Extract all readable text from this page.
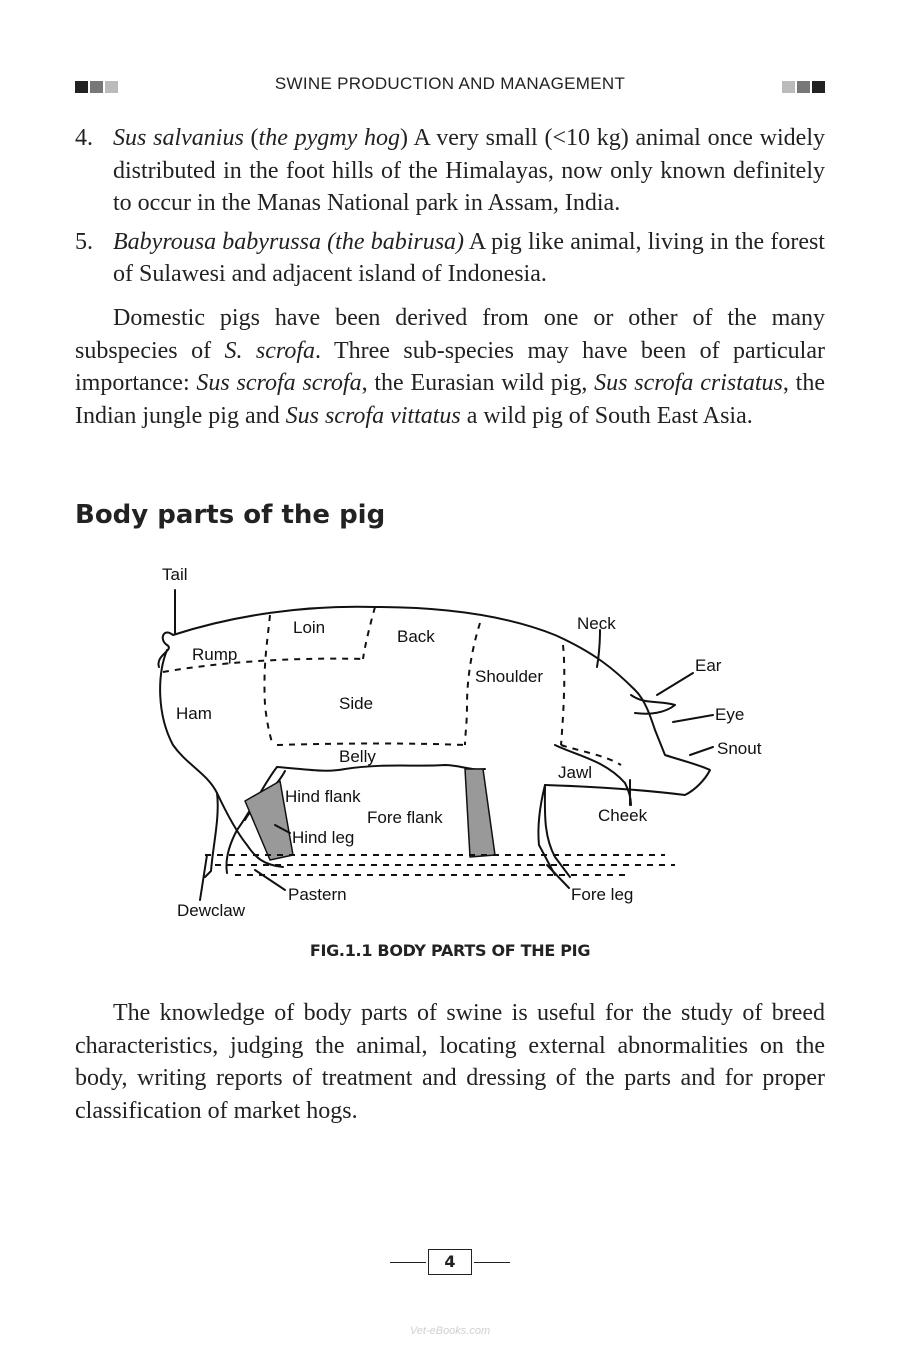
SWINE PRODUCTION AND MANAGEMENT
4. Sus salvanius (the pygmy hog) A very small (<10 kg) animal once widely distributed in the foot hills of the Himalayas, now only known definitely to occur in the Manas National park in Assam, India.
5. Babyrousa babyrussa (the babirusa) A pig like animal, living in the forest of Sulawesi and adjacent island of Indonesia.

Domestic pigs have been derived from one or other of the many subspecies of S. scrofa. Three sub-species may have been of particular importance: Sus scrofa scrofa, the Eurasian wild pig, Sus scrofa cristatus, the Indian jungle pig and Sus scrofa vittatus a wild pig of South East Asia.

Body parts of the pig
Tail
Loin	Back
Neck
Rump
Ear
Shoulder
Ham
Side
Eye
Snout
Belly
Jawl
Hind flank
Fore flank	Cheek
Hind leg
Pastern	Fore leg
Dewclaw
FIG.1.1 BODY PARTS OF THE PIG

The knowledge of body parts of swine is useful for the study of breed characteristics, judging the animal, locating external abnormalities on the body, writing reports of treatment and dressing of the parts and for proper classification of market hogs.

4
Vet-eBooks.com
